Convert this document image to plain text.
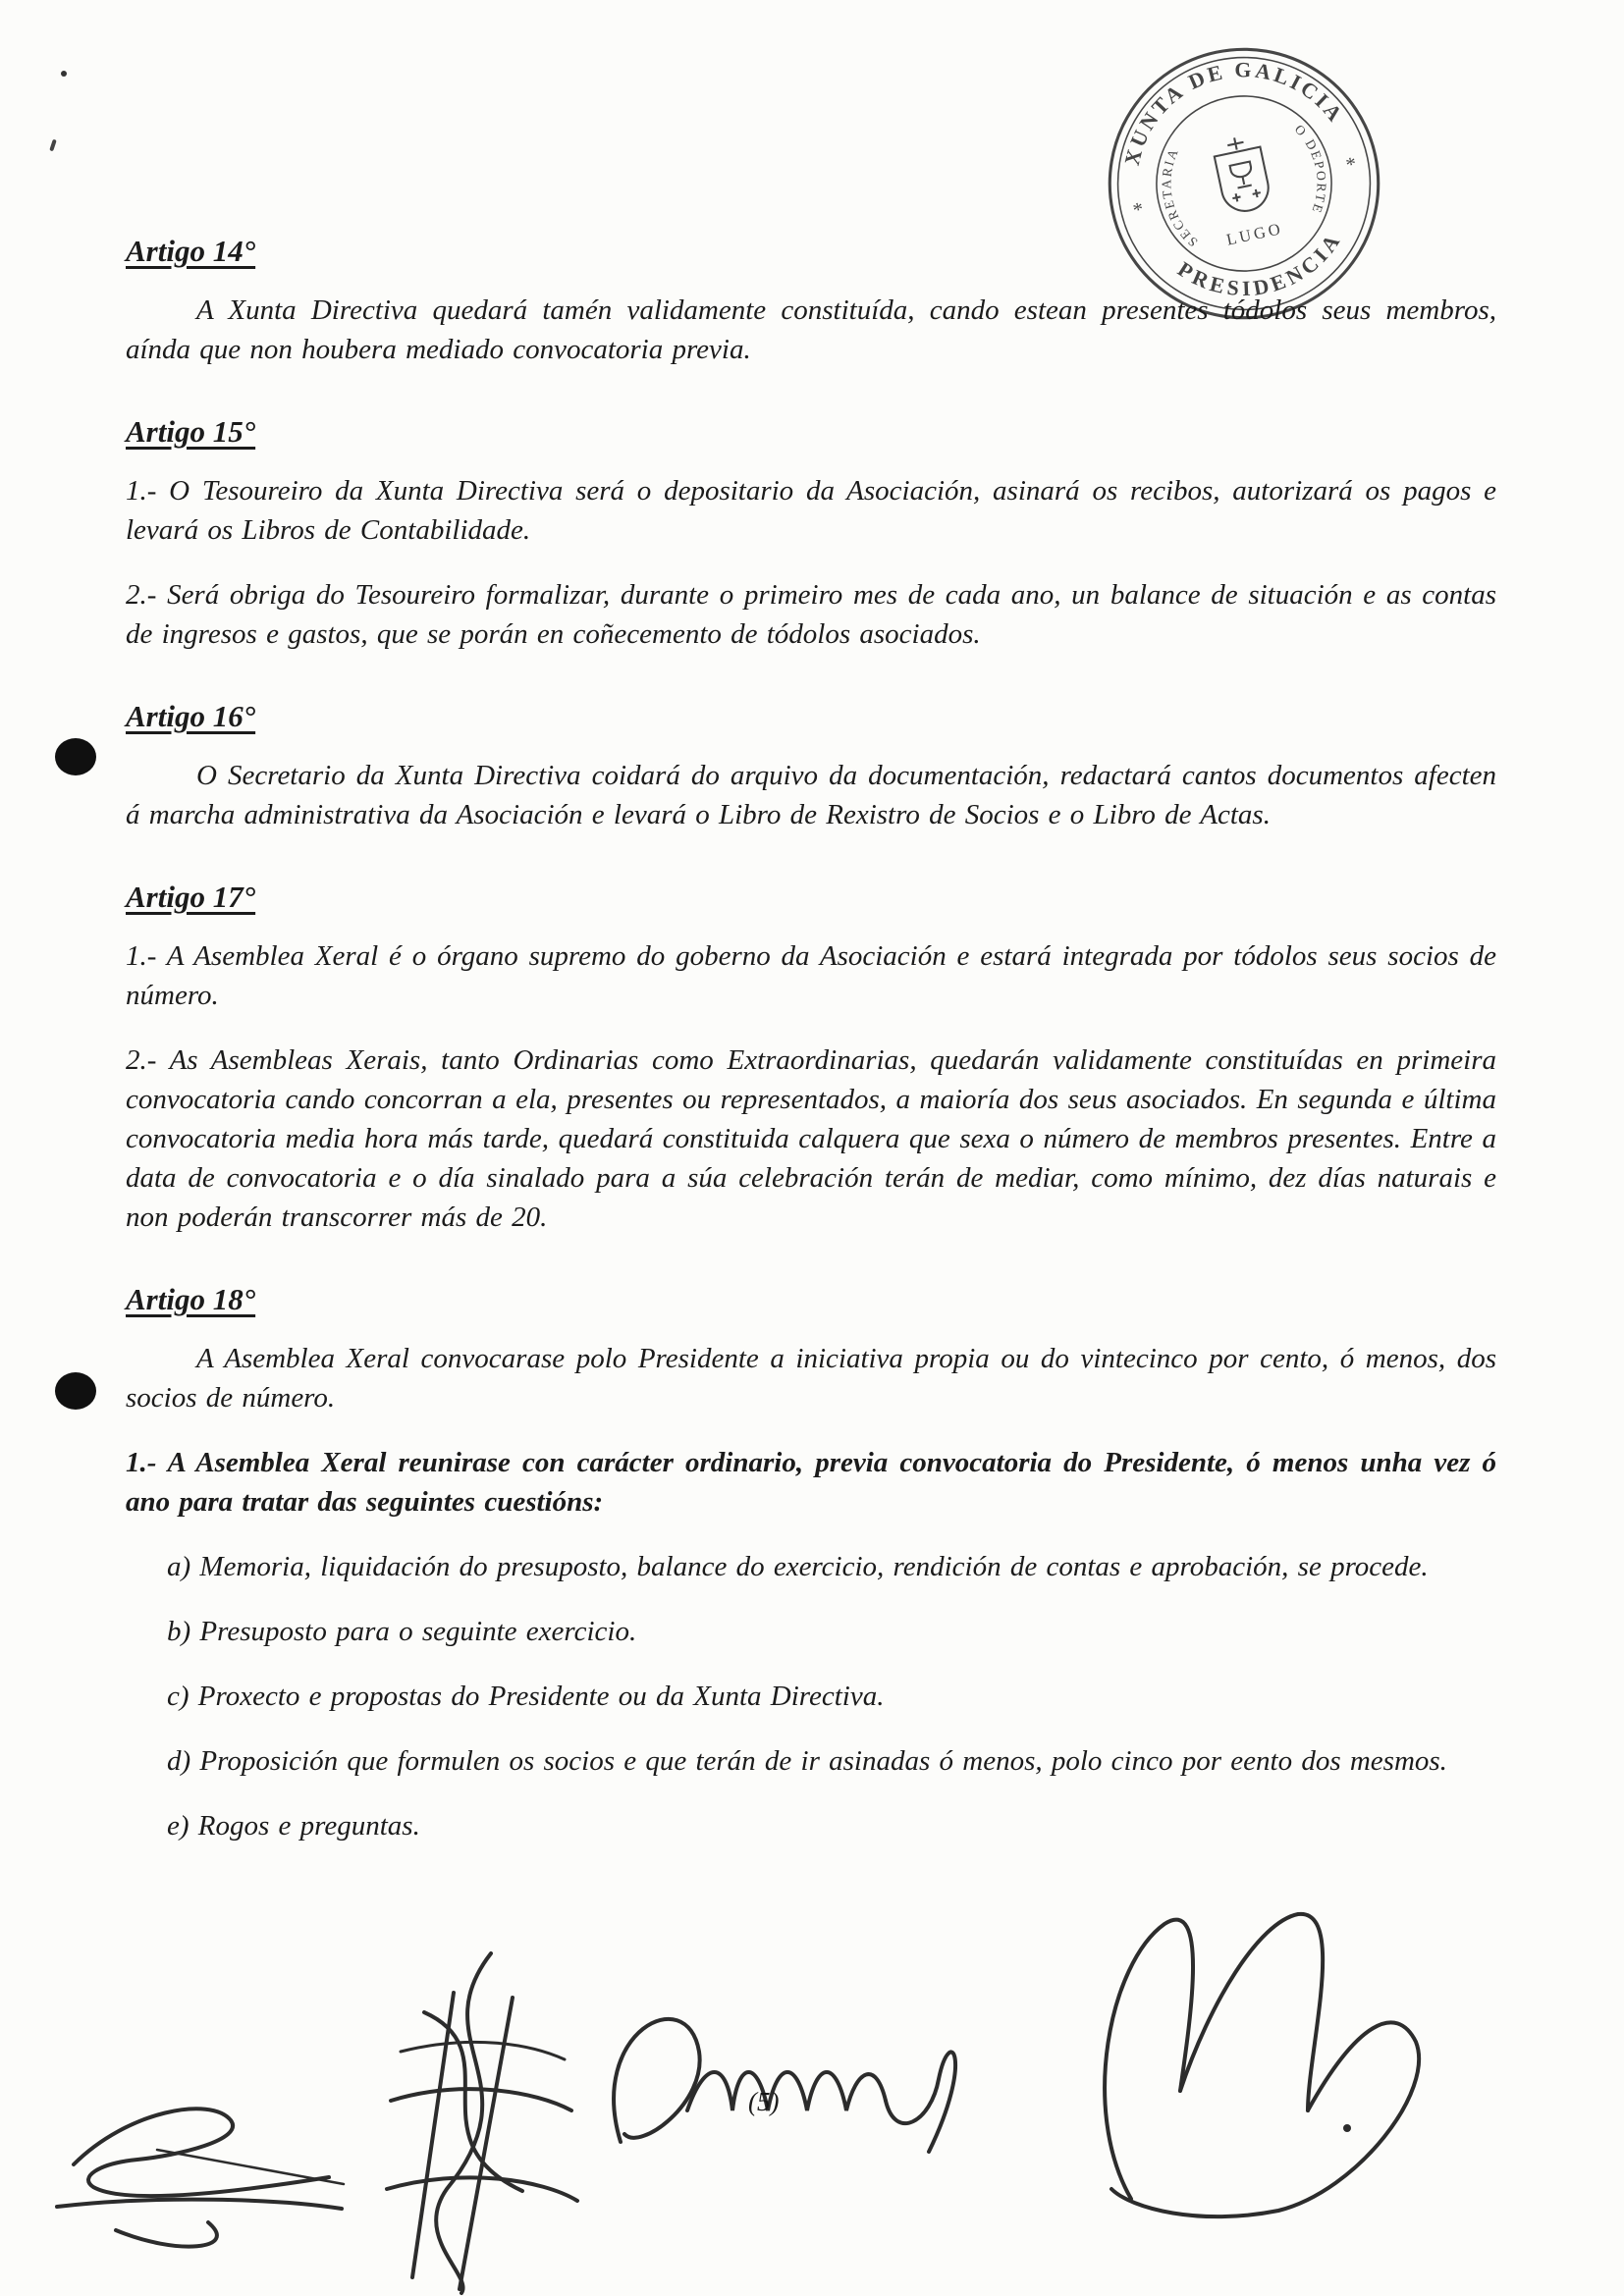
XUNTA DE GALICIA
PRESIDENCIA
SECRETARIA
O DEPORTE
LUGO
*
*
Artigo 14°

A Xunta Directiva quedará tamén validamente constituída, cando estean presentes tódolos seus membros, aínda que non houbera mediado convocatoria previa.

Artigo 15°

1.- O Tesoureiro da Xunta Directiva será o depositario da Asociación, asinará os recibos, autorizará os pagos e levará os Libros de Contabilidade.

2.- Será obriga do Tesoureiro formalizar, durante o primeiro mes de cada ano, un balance de situación e as contas de ingresos e gastos, que se porán en coñecemento de tódolos asociados.

Artigo 16°

O Secretario da Xunta Directiva coidará do arquivo da documentación, redactará cantos documentos afecten á marcha administrativa da Asociación e levará o Libro de Rexistro de Socios e o Libro de Actas.

Artigo 17°

1.- A Asemblea Xeral é o órgano supremo do goberno da Asociación e estará integrada por tódolos seus socios de número.

2.- As Asembleas Xerais, tanto Ordinarias como Extraordinarias, quedarán validamente constituídas en primeira convocatoria cando concorran a ela, presentes ou representados, a maioría dos seus asociados. En segunda e última convocatoria media hora más tarde, quedará constituida calquera que sexa o número de membros presentes. Entre a data de convocatoria e o día sinalado para a súa celebración terán de mediar, como mínimo, dez días naturais e non poderán transcorrer más de 20.

Artigo 18°

A Asemblea Xeral convocarase polo Presidente a iniciativa propia ou do vintecinco por cento, ó menos, dos socios de número.

1.- A Asemblea Xeral reunirase con carácter ordinario, previa convocatoria do Presidente, ó menos unha vez ó ano para tratar das seguintes cuestións:

a) Memoria, liquidación do presuposto, balance do exercicio, rendición de contas e aprobación, se procede.
b) Presuposto para o seguinte exercicio.
c) Proxecto e propostas do Presidente ou da Xunta Directiva.
d) Proposición que formulen os socios e que terán de ir asinadas ó menos, polo cinco por eento dos mesmos.
e) Rogos e preguntas.
(5)
